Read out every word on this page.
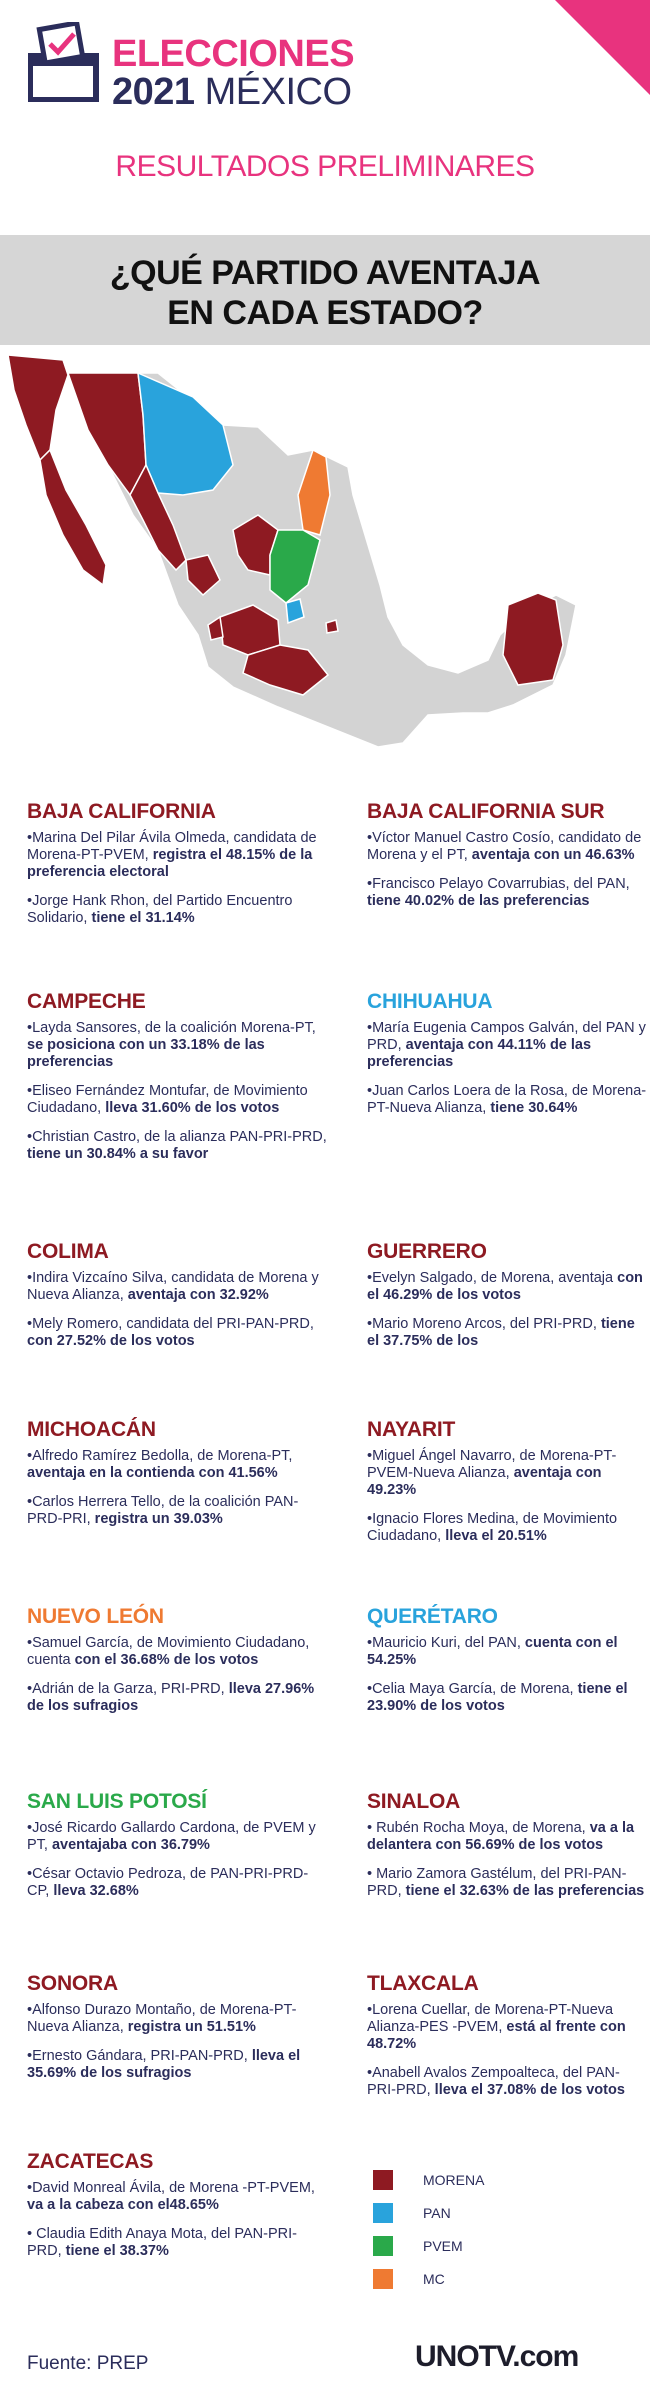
ELECCIONES
2021 MÉXICO
RESULTADOS PRELIMINARES
¿QUÉ PARTIDO AVENTAJA
EN CADA ESTADO?
BAJA CALIFORNIA

•Marina Del Pilar Ávila Olmeda, candidata de Morena-PT-PVEM, registra el 48.15% de la preferencia electoral

•Jorge Hank Rhon, del Partido Encuentro Solidario, tiene el 31.14%

CAMPECHE

•Layda Sansores, de la coalición Morena-PT, se posiciona con un 33.18% de las preferencias

•Eliseo Fernández Montufar, de Movimiento Ciudadano, lleva 31.60% de los votos

•Christian Castro, de la alianza PAN-PRI-PRD, tiene un 30.84% a su favor

COLIMA

•Indira Vizcaíno Silva, candidata de Morena y Nueva Alianza, aventaja con 32.92%

•Mely Romero, candidata del PRI-PAN-PRD, con 27.52% de los votos

MICHOACÁN

•Alfredo Ramírez Bedolla, de Morena-PT, aventaja en la contienda con 41.56%

•Carlos Herrera Tello, de la coalición PAN-PRD-PRI, registra un 39.03%

NUEVO LEÓN

•Samuel García, de Movimiento Ciudadano, cuenta con el 36.68% de los votos

•Adrián de la Garza, PRI-PRD, lleva 27.96% de los sufragios

SAN LUIS POTOSÍ

•José Ricardo Gallardo Cardona, de PVEM y PT, aventajaba con 36.79%

•César Octavio Pedroza, de PAN-PRI-PRD-CP, lleva 32.68%

SONORA

•Alfonso Durazo Montaño, de Morena-PT-Nueva Alianza, registra un 51.51%

•Ernesto Gándara, PRI-PAN-PRD, lleva el 35.69% de los sufragios

ZACATECAS

•David Monreal Ávila, de Morena -PT-PVEM, va a la cabeza con el48.65%

• Claudia Edith Anaya Mota, del PAN-PRI-PRD, tiene el 38.37%

BAJA CALIFORNIA SUR

•Víctor Manuel Castro Cosío, candidato de Morena y el PT, aventaja con un 46.63%

•Francisco Pelayo Covarrubias, del PAN, tiene 40.02% de las preferencias

CHIHUAHUA

•María Eugenia Campos Galván, del PAN y PRD, aventaja con 44.11% de las preferencias

•Juan Carlos Loera de la Rosa, de Morena-PT-Nueva Alianza, tiene 30.64%

GUERRERO

•Evelyn Salgado, de Morena, aventaja con el 46.29% de los votos

•Mario Moreno Arcos, del PRI-PRD, tiene el 37.75% de los

NAYARIT

•Miguel Ángel Navarro, de Morena-PT-PVEM-Nueva Alianza, aventaja con 49.23%

•Ignacio Flores Medina, de Movimiento Ciudadano, lleva el 20.51%

QUERÉTARO

•Mauricio Kuri, del PAN, cuenta con el 54.25%

•Celia Maya García, de Morena, tiene el 23.90% de los votos

SINALOA

• Rubén Rocha Moya, de Morena, va a la delantera con 56.69% de los votos

• Mario Zamora Gastélum, del PRI-PAN-PRD, tiene el 32.63% de las preferencias

TLAXCALA

•Lorena Cuellar, de Morena-PT-Nueva Alianza-PES -PVEM, está al frente con 48.72%

•Anabell Avalos Zempoalteca, del PAN-PRI-PRD, lleva el 37.08% de los votos

MORENA
PAN
PVEM
MC
Fuente: PREP	UNOTV.com
